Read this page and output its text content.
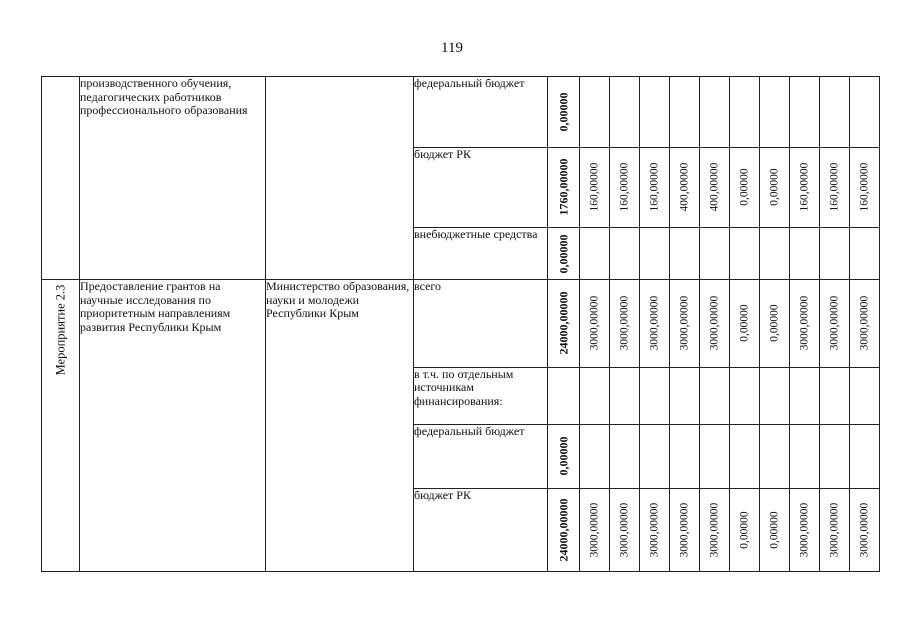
119
	производственного обучения, педагогических работников профессионального образования		федеральный бюджет	0,00000										

			бюджет РК	1760,00000	160,00000	160,00000	160,00000	400,00000	400,00000	0,00000	0,00000	160,00000	160,00000	160,00000

			внебюджетные средства	0,00000										

Мероприятие 2.3	Предоставление грантов на научные исследования по приоритетным направлениям развития Республики Крым	Министерство образования, науки и молодежи Республики Крым	всего	24000,00000	3000,00000	3000,00000	3000,00000	3000,00000	3000,00000	0,00000	0,00000	3000,00000	3000,00000	3000,00000

			в т.ч. по отдельным источникам финансирования:	

			федеральный бюджет	0,00000										

			бюджет РК	24000,00000	3000,00000	3000,00000	3000,00000	3000,00000	3000,00000	0,00000	0,00000	3000,00000	3000,00000	3000,00000
